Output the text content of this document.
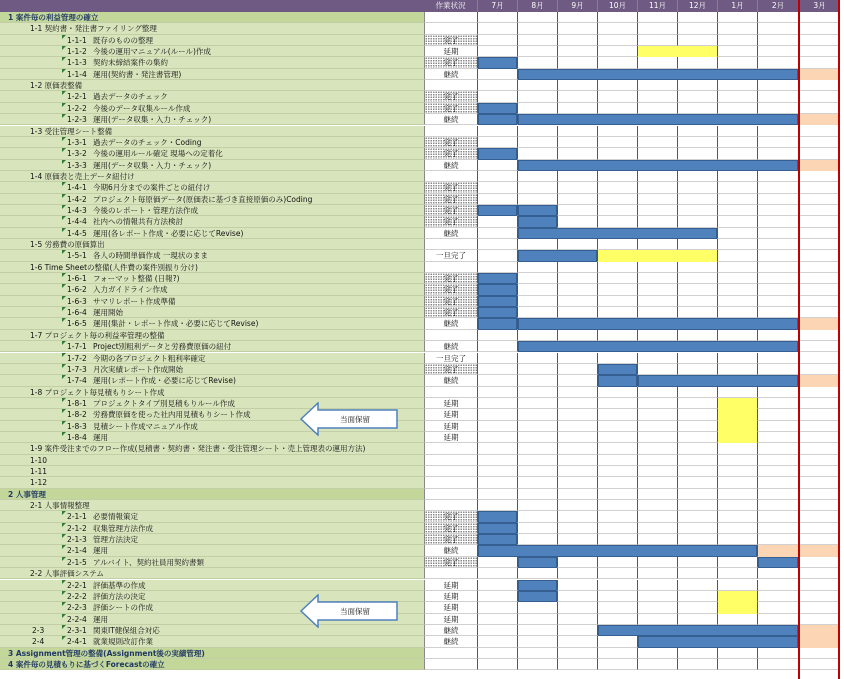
作業状況	7月	8月	9月	10月	11月	12月	1月	2月	3月
1 案件毎の利益管理の確立
1-1 契約書・発注書ファイリング整理
1-1-1 既存のものの整理	完了
1-1-2 今後の運用マニュアル(ルール)作成	延期
1-1-3 契約未締結案件の集約	完了
1-1-4 運用(契約書・発注書管理)	継続
1-2 原価表整備
1-2-1 過去データのチェック	完了
1-2-2 今後のデータ収集ルール作成	完了
1-2-3 運用(データ収集・入力・チェック)	継続
1-3 受注管理シート整備
1-3-1 過去データのチェック・Coding	完了
1-3-2 今後の運用ルール確定 現場への定着化	完了
1-3-3 運用(データ収集・入力・チェック)	継続
1-4 原価表と売上データ紐付け
1-4-1 今期6月分までの案件ごとの紐付け	完了
1-4-2 プロジェクト毎原価データ(原価表に基づき直接原価のみ)Coding	完了
1-4-3 今後のレポート・管理方法作成	完了
1-4-4 社内への情報共有方法検討	完了
1-4-5 運用(各レポート作成・必要に応じてRevise)	継続
1-5 労務費の原価算出
1-5-1 各人の時間単価作成 一現状のまま	一旦完了
1-6 Time Sheetの整備(人件費の案件別振り分け)
1-6-1 フォーマット整備 (日報?)	完了
1-6-2 入力ガイドライン作成	完了
1-6-3 サマリレポート作成準備	完了
1-6-4 運用開始	完了
1-6-5 運用(集計・レポート作成・必要に応じてRevise)	継続
1-7 プロジェクト毎の利益率管理の整備
1-7-1 Project別粗利データと労務費原価の紐付	継続
1-7-2 今期の各プロジェクト粗利率確定	一旦完了
1-7-3 月次実績レポート作成開始	完了
1-7-4 運用(レポート作成・必要に応じてRevise)	継続
1-8 プロジェクト毎見積もりシート作成
1-8-1 プロジェクトタイプ別見積もりルール作成	延期
1-8-2 労務費原価を使った社内用見積もりシート作成	延期
1-8-3 見積シート作成マニュアル作成	延期
1-8-4 運用	延期
1-9 案件受注までのフロー作成(見積書・契約書・発注書・受注管理シート・売上管理表の運用方法)
1-10
1-11
1-12
2 人事管理
2-1 人事情報整理
2-1-1 必要情報策定	完了
2-1-2 収集管理方法作成	完了
2-1-3 管理方法決定	完了
2-1-4 運用	継続
2-1-5 アルバイト、契約社員用契約書類	完了
2-2 人事評価システム
2-2-1 評価基準の作成	延期
2-2-2 評価方法の決定	延期
2-2-3 評価シートの作成	延期
2-2-4 運用	延期
2-3	2-3-1 関東IT健保組合対応	継続
2-4	2-4-1 就業規則改訂作業	継続
3 Assignment管理の整備(Assignment後の実績管理)
4 案件毎の見積もりに基づくForecastの確立
当面保留
当面保留
